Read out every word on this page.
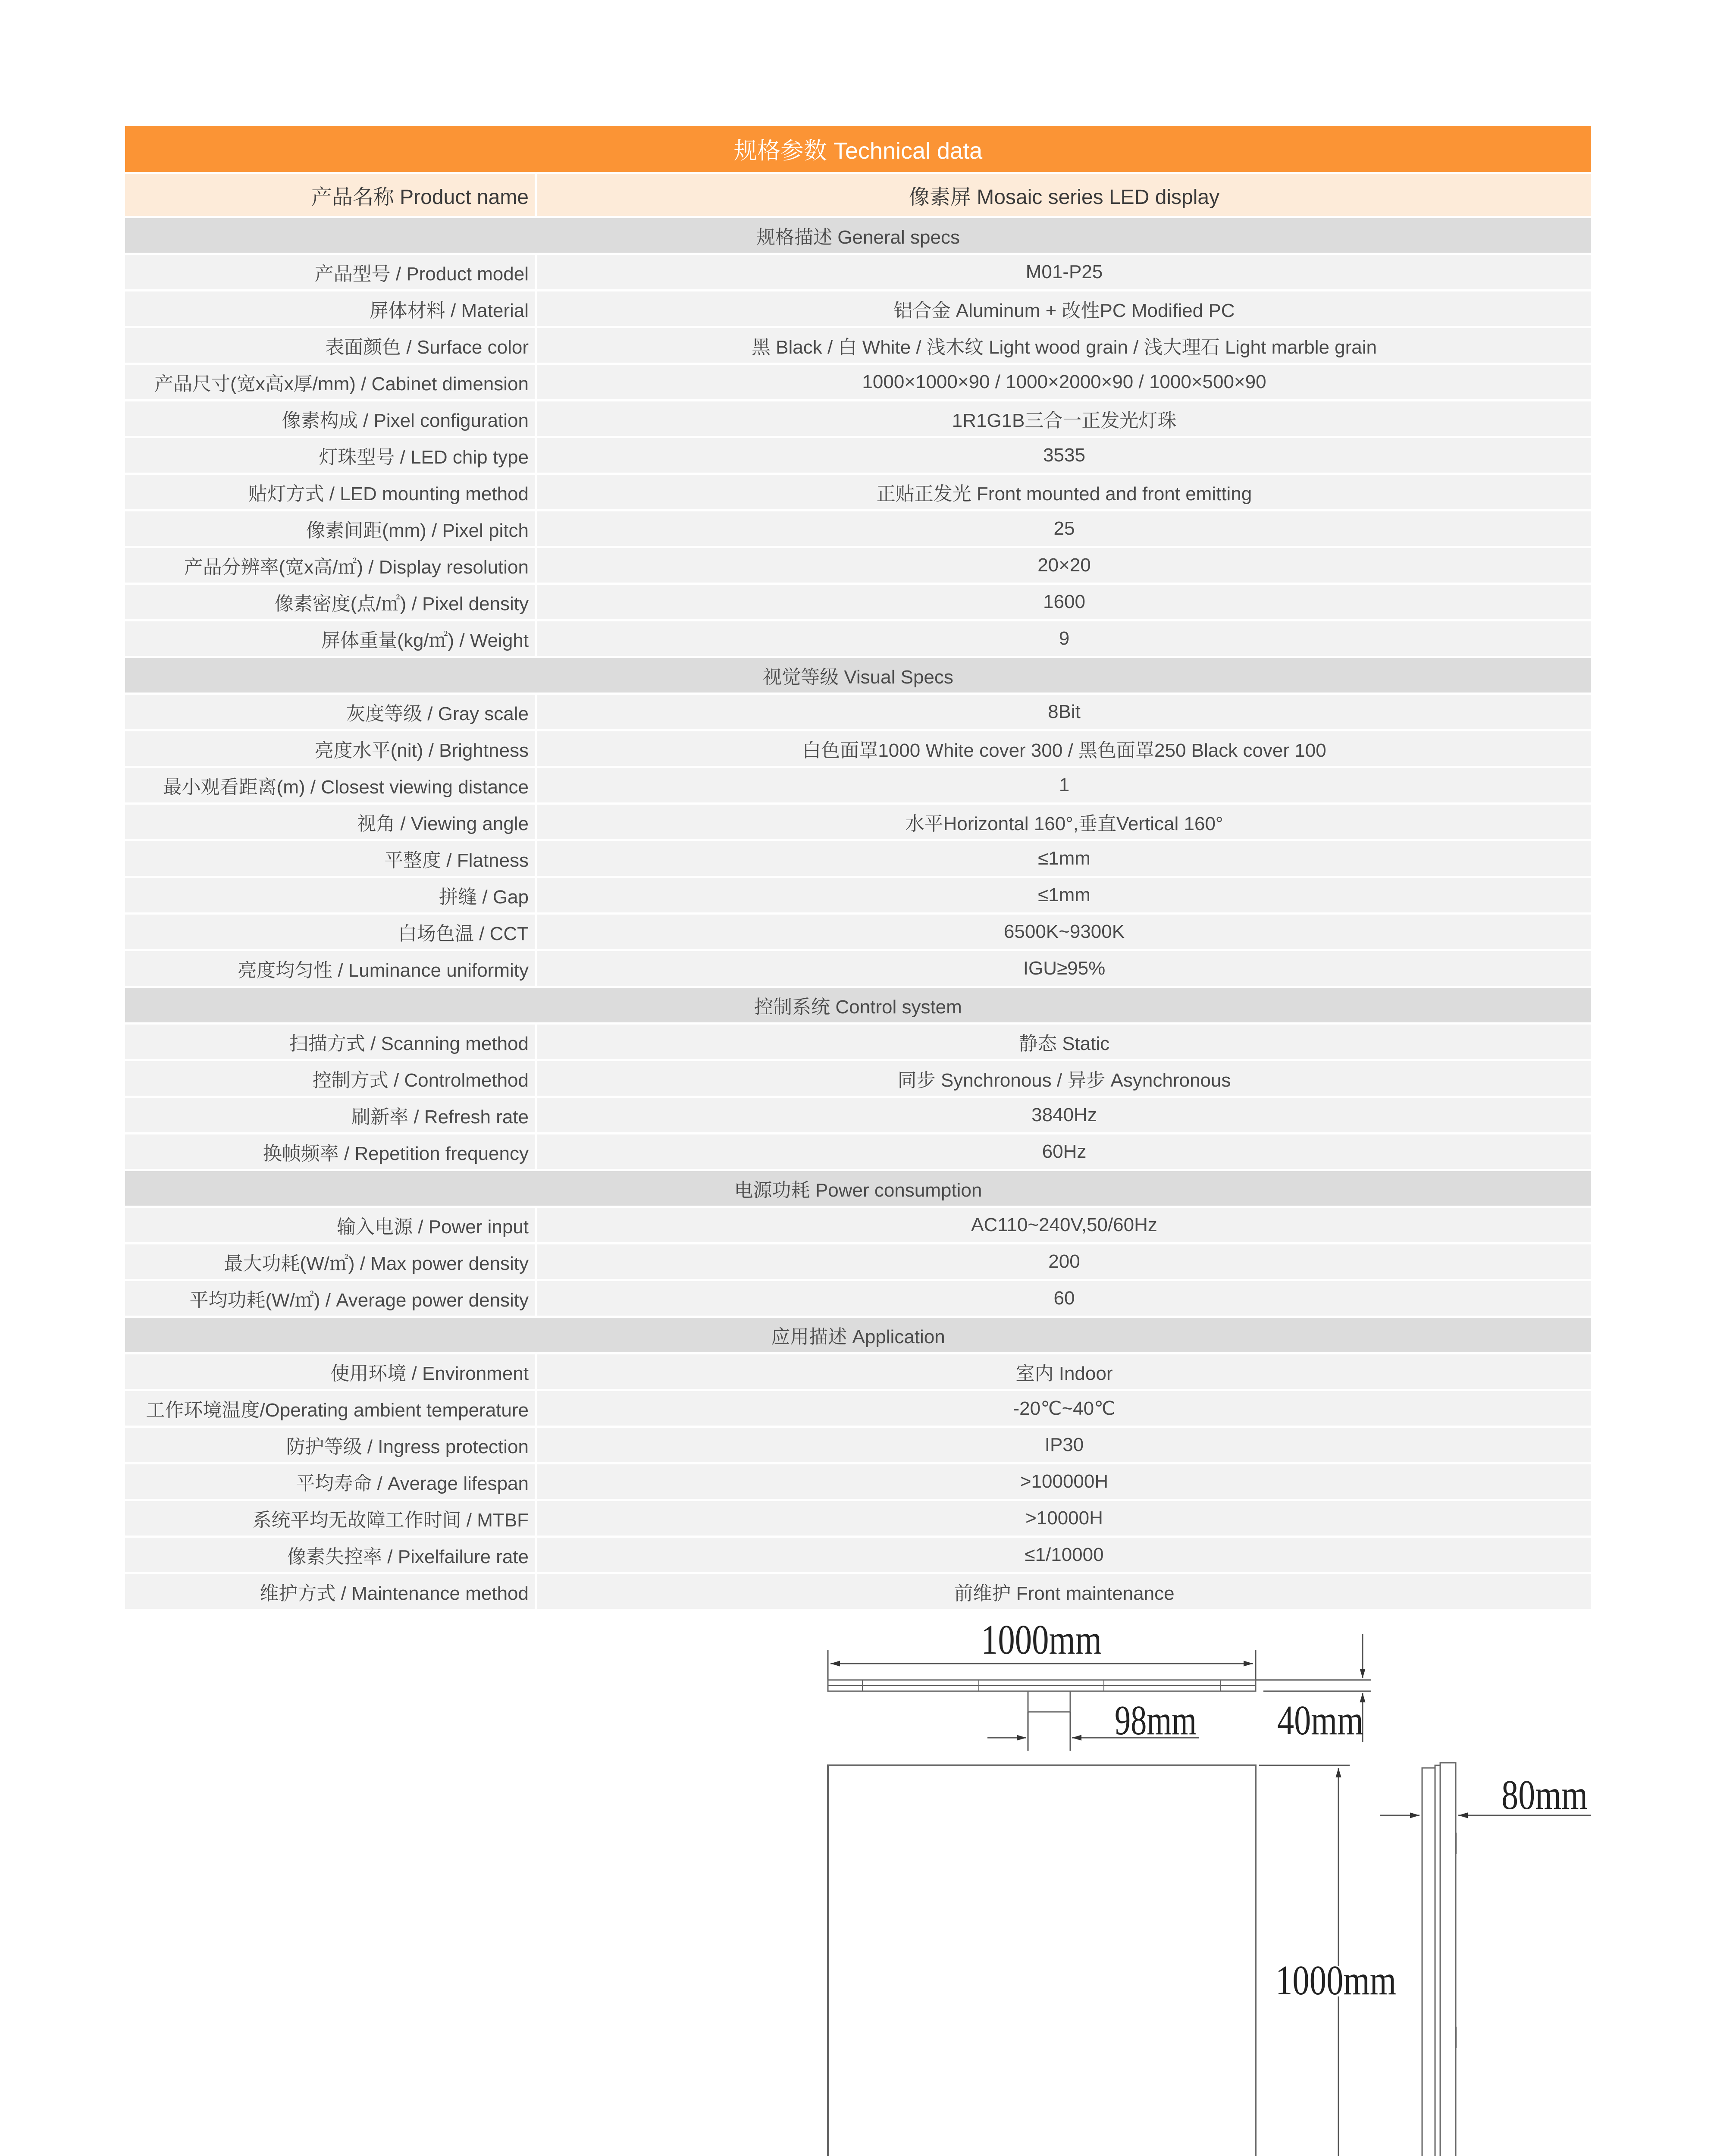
规格参数 Technical data
产品名称 Product name	像素屏 Mosaic series LED display
规格描述 General specs
产品型号 / Product model	M01-P25
屏体材料 / Material	铝合金 Aluminum + 改性PC Modified PC
表面颜色 / Surface color	黑 Black / 白 White / 浅木纹 Light wood grain / 浅大理石 Light marble grain
产品尺寸(宽x高x厚/mm) / Cabinet dimension	1000×1000×90 / 1000×2000×90 / 1000×500×90
像素构成 / Pixel configuration	1R1G1B三合一正发光灯珠
灯珠型号 / LED chip type	3535
贴灯方式 / LED mounting method	正贴正发光 Front mounted and front emitting
像素间距(mm) / Pixel pitch	25
产品分辨率(宽x高/㎡) / Display resolution	20×20
像素密度(点/㎡) / Pixel density	1600
屏体重量(kg/㎡) / Weight	9
视觉等级 Visual Specs
灰度等级 / Gray scale	8Bit
亮度水平(nit) / Brightness	白色面罩1000 White cover 300 / 黑色面罩250 Black cover 100
最小观看距离(m) / Closest viewing distance	1
视角 / Viewing angle	水平Horizontal 160°,垂直Vertical 160°
平整度 / Flatness	≤1mm
拼缝 / Gap	≤1mm
白场色温 / CCT	6500K~9300K
亮度均匀性 / Luminance uniformity	IGU≥95%
控制系统 Control system
扫描方式 / Scanning method	静态 Static
控制方式 / Controlmethod	同步 Synchronous / 异步 Asynchronous
刷新率 / Refresh rate	3840Hz
换帧频率 / Repetition frequency	60Hz
电源功耗 Power consumption
输入电源 / Power input	AC110~240V,50/60Hz
最大功耗(W/㎡) / Max power density	200
平均功耗(W/㎡) / Average power density	60
应用描述 Application
使用环境 / Environment	室内 Indoor
工作环境温度/Operating ambient temperature	-20℃~40℃
防护等级 / Ingress protection	IP30
平均寿命 / Average lifespan	>100000H
系统平均无故障工作时间 / MTBF	>10000H
像素失控率 / Pixelfailure rate	≤1/10000
维护方式 / Maintenance method	前维护 Front maintenance
1000mm
40mm
98mm
1000mm
80mm
